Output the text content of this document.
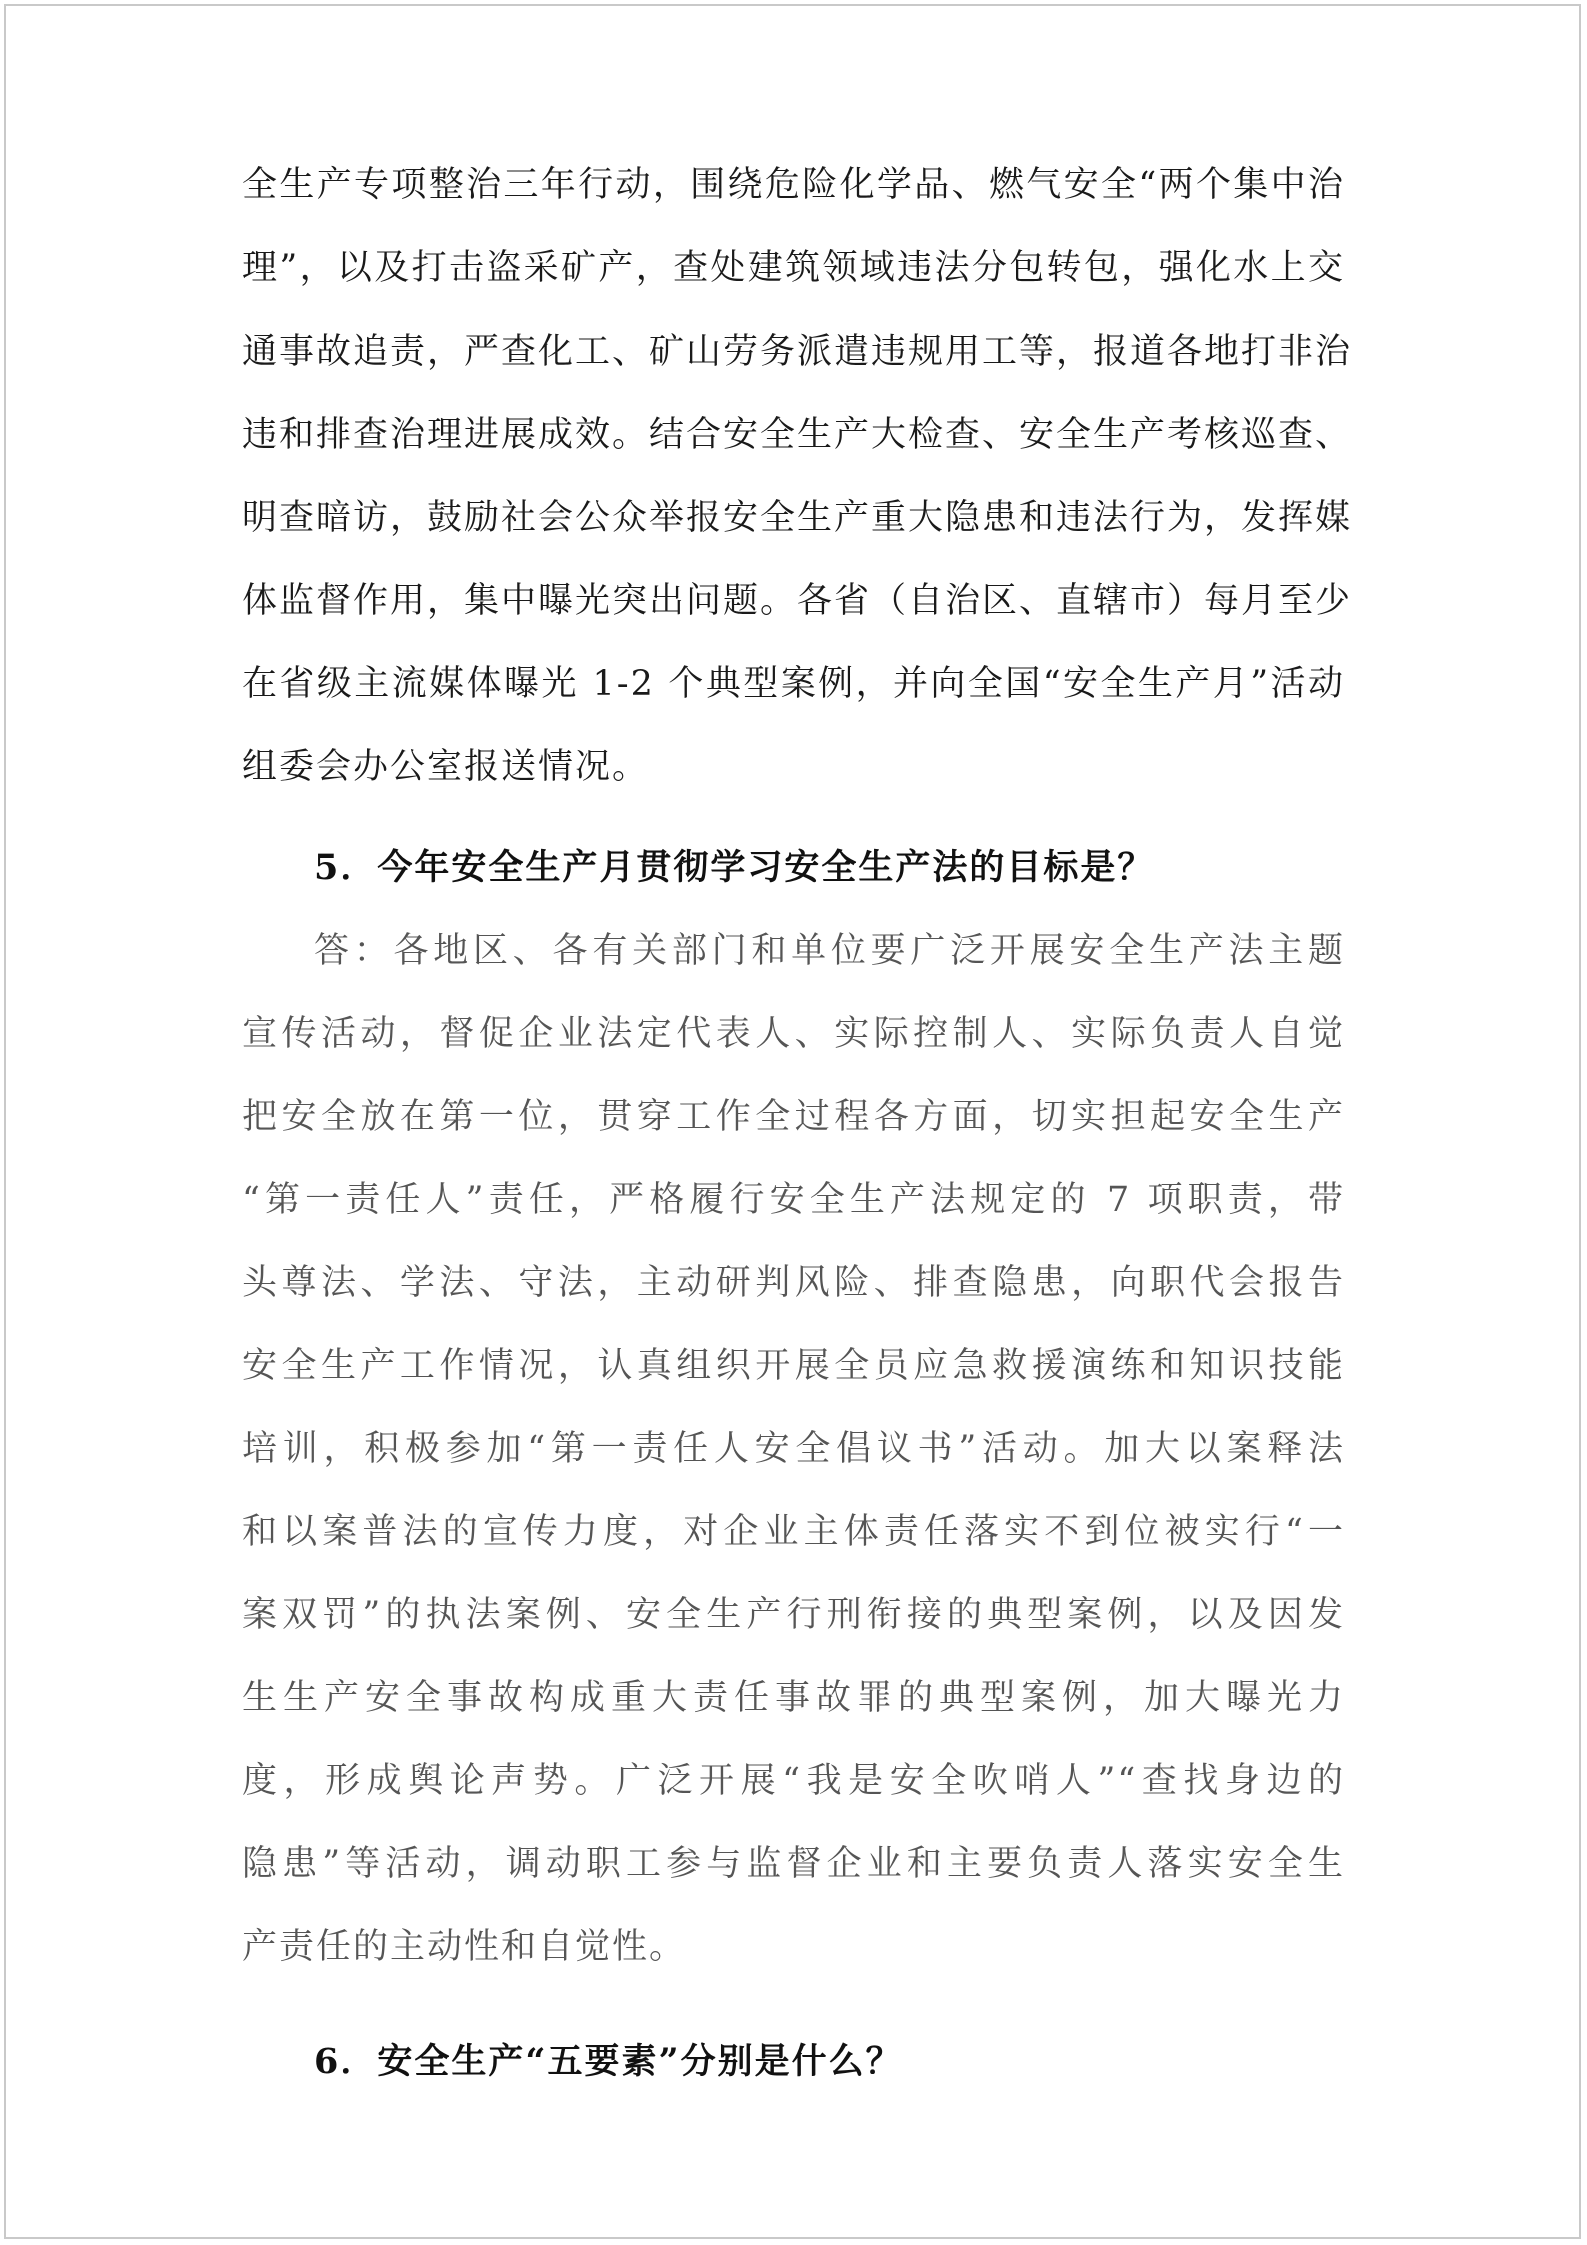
全生产专项整治三年行动，围绕危险化学品、燃气安全“两个集中治
理”，以及打击盗采矿产，查处建筑领域违法分包转包，强化水上交
通事故追责，严查化工、矿山劳务派遣违规用工等，报道各地打非治
违和排查治理进展成效。结合安全生产大检查、安全生产考核巡查、
明查暗访，鼓励社会公众举报安全生产重大隐患和违法行为，发挥媒
体监督作用，集中曝光突出问题。各省（自治区、直辖市）每月至少
在省级主流媒体曝光 1-2 个典型案例，并向全国“安全生产月”活动
组委会办公室报送情况。
5．今年安全生产月贯彻学习安全生产法的目标是？
答：各地区、各有关部门和单位要广泛开展安全生产法主题
宣传活动，督促企业法定代表人、实际控制人、实际负责人自觉
把安全放在第一位，贯穿工作全过程各方面，切实担起安全生产
“第一责任人”责任，严格履行安全生产法规定的 7 项职责，带
头尊法、学法、守法，主动研判风险、排查隐患，向职代会报告
安全生产工作情况，认真组织开展全员应急救援演练和知识技能
培训，积极参加“第一责任人安全倡议书”活动。加大以案释法
和以案普法的宣传力度，对企业主体责任落实不到位被实行“一
案双罚”的执法案例、安全生产行刑衔接的典型案例，以及因发
生生产安全事故构成重大责任事故罪的典型案例，加大曝光力
度，形成舆论声势。广泛开展“我是安全吹哨人”“查找身边的
隐患”等活动，调动职工参与监督企业和主要负责人落实安全生
产责任的主动性和自觉性。
6．安全生产“五要素”分别是什么？
